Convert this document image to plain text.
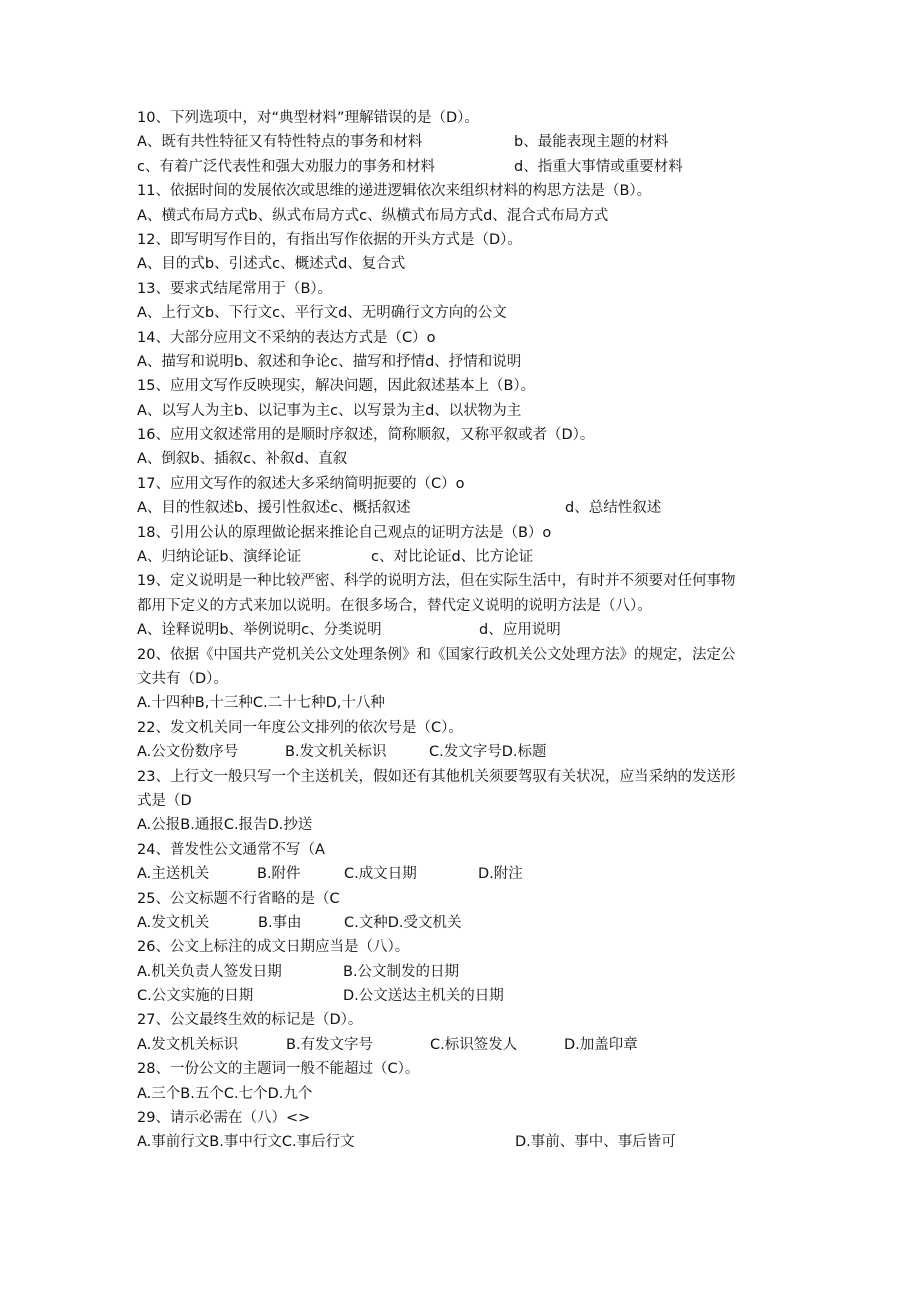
10、下列选项中，对“典型材料”理解错误的是（D）。
A、既有共性特征又有特性特点的事务和材料	b、最能表现主题的材料
c、有着广泛代表性和强大劝服力的事务和材料	d、指重大事情或重要材料
11、依据时间的发展依次或思维的递进逻辑依次来组织材料的构思方法是（B）。
A、横式布局方式b、纵式布局方式c、纵横式布局方式d、混合式布局方式
12、即写明写作目的，有指出写作依据的开头方式是（D）。
A、目的式b、引述式c、概述式d、复合式
13、要求式结尾常用于（B）。
A、上行文b、下行文c、平行文d、无明确行文方向的公文
14、大部分应用文不采纳的表达方式是（C）o
A、描写和说明b、叙述和争论c、描写和抒情d、抒情和说明
15、应用文写作反映现实，解决问题，因此叙述基本上（B）。
A、以写人为主b、以记事为主c、以写景为主d、以状物为主
16、应用文叙述常用的是顺时序叙述，简称顺叙，又称平叙或者（D）。
A、倒叙b、插叙c、补叙d、直叙
17、应用文写作的叙述大多采纳简明扼要的（C）o
A、目的性叙述b、援引性叙述c、概括叙述	d、总结性叙述
18、引用公认的原理做论据来推论自己观点的证明方法是（B）o
A、归纳论证b、演绎论证	c、对比论证d、比方论证
19、定义说明是一种比较严密、科学的说明方法，但在实际生活中，有时并不须要对任何事物
都用下定义的方式来加以说明。在很多场合，替代定义说明的说明方法是（八）。
A、诠释说明b、举例说明c、分类说明	d、应用说明
20、依据《中国共产党机关公文处理条例》和《国家行政机关公文处理方法》的规定，法定公
文共有（D）。
A.十四种B,十三种C.二十七种D,十八种
22、发文机关同一年度公文排列的依次号是（C）。
A.公文份数序号	B.发文机关标识	C.发文字号D.标题
23、上行文一般只写一个主送机关，假如还有其他机关须要驾驭有关状况，应当采纳的发送形
式是（D
A.公报B.通报C.报告D.抄送
24、普发性公文通常不写（A
A.主送机关	B.附件	C.成文日期	D.附注
25、公文标题不行省略的是（C
A.发文机关	B.事由	C.文种D.受文机关
26、公文上标注的成文日期应当是（八）。
A.机关负责人签发日期	B.公文制发的日期
C.公文实施的日期	D.公文送达主机关的日期
27、公文最终生效的标记是（D）。
A.发文机关标识	B.有发文字号	C.标识签发人	D.加盖印章
28、一份公文的主题词一般不能超过（C）。
A.三个B.五个C.七个D.九个
29、请示必需在（八）<>
A.事前行文B.事中行文C.事后行文	D.事前、事中、事后皆可
